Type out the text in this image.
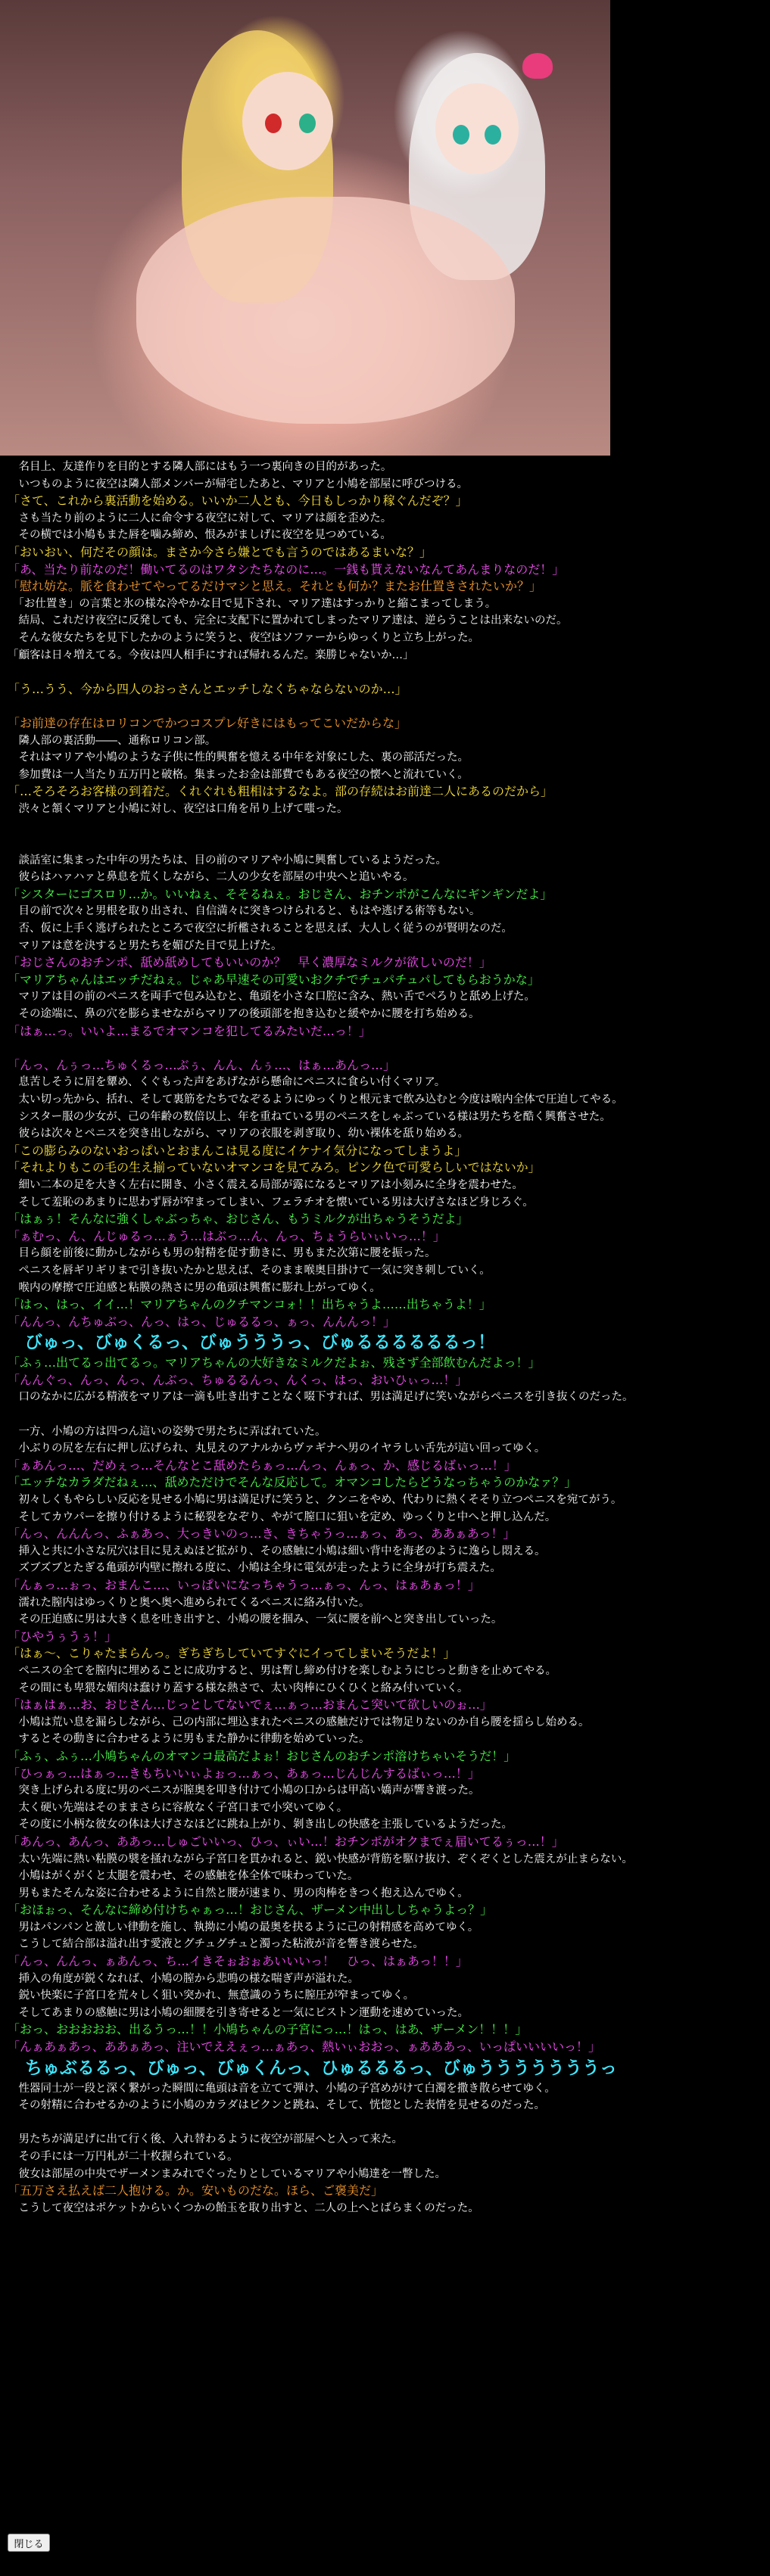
　名目上、友達作りを目的とする隣人部にはもう一つ裏向きの目的があった。
　いつものように夜空は隣人部メンバーが帰宅したあと、マリアと小鳩を部屋に呼びつける。
「さて、これから裏活動を始める。いいか二人とも、今日もしっかり稼ぐんだぞ？」
　さも当たり前のように二人に命令する夜空に対して、マリアは顔を歪めた。
　その横では小鳩もまた唇を噛み締め、恨みがましげに夜空を見つめている。
「おいおい、何だその顔は。まさか今さら嫌とでも言うのではあるまいな？」
「あ、当たり前なのだ！働いてるのはワタシたちなのに…。一銭も貰えないなんてあんまりなのだ！」
「慰れ妨な。脈を食わせてやってるだけマシと思え。それとも何か？またお仕置きされたいか？」
　「お仕置き」の言葉と氷の様な冷やかな目で見下され、マリア達はすっかりと縮こまってしまう。
　結局、これだけ夜空に反発しても、完全に支配下に置かれてしまったマリア達は、逆らうことは出来ないのだ。
　そんな彼女たちを見下したかのように笑うと、夜空はソファーからゆっくりと立ち上がった。
「顧客は日々増えてる。今夜は四人相手にすれば帰れるんだ。楽勝じゃないか…」
「う…うう、今から四人のおっさんとエッチしなくちゃならないのか…」
「お前達の存在はロリコンでかつコスプレ好きにはもってこいだからな」
　隣人部の裏活動――、通称ロリコン部。
　それはマリアや小鳩のような子供に性的興奮を憶える中年を対象にした、裏の部活だった。
　参加費は一人当たり五万円と破格。集まったお金は部費でもある夜空の懐へと流れていく。
「…そろそろお客様の到着だ。くれぐれも粗相はするなよ。部の存続はお前達二人にあるのだから」
　渋々と頷くマリアと小鳩に対し、夜空は口角を吊り上げて嗤った。
　談話室に集まった中年の男たちは、目の前のマリアや小鳩に興奮しているようだった。
　彼らはハァハァと鼻息を荒くしながら、二人の少女を部屋の中央へと追いやる。
「シスターにゴスロリ…か。いいねぇ、そそるねぇ。おじさん、おチンポがこんなにギンギンだよ」
　目の前で次々と男根を取り出され、自信満々に突きつけられると、もはや逃げる術等もない。
　否、仮に上手く逃げられたところで夜空に折檻されることを思えば、大人しく従うのが賢明なのだ。
　マリアは意を決すると男たちを媚びた目で見上げた。
「おじさんのおチンポ、舐め舐めしてもいいのか？　早く濃厚なミルクが欲しいのだ！」
「マリアちゃんはエッチだねぇ。じゃあ早速その可愛いおクチでチュパチュパしてもらおうかな」
　マリアは目の前のペニスを両手で包み込むと、亀頭を小さな口腔に含み、熱い舌でペろりと舐め上げた。
　その途端に、鼻の穴を膨らませながらマリアの後頭部を抱き込むと緩やかに腰を打ち始める。
「はぁ…っ。いいよ…まるでオマンコを犯してるみたいだ…っ！」
「んっ、んぅっ…ちゅくるっ…ぶぅ、んん、んぅ…、はぁ…あんっ…」
　息苦しそうに眉を顰め、くぐもった声をあげながら懸命にペニスに食らい付くマリア。
　太い切っ先から、括れ、そして裏筋をたちでなぞるようにゆっくりと根元まで飲み込むと今度は喉内全体で圧迫してやる。
　シスター服の少女が、己の年齢の数倍以上、年を重ねている男のペニスをしゃぶっている様は男たちを酷く興奮させた。
　彼らは次々とペニスを突き出しながら、マリアの衣服を剥ぎ取り、幼い裸体を舐り始める。
「この膨らみのないおっぱいとおまんこは見る度にイケナイ気分になってしまうよ」
「それよりもこの毛の生え揃っていないオマンコを見てみろ。ピンク色で可愛らしいではないか」
　細い二本の足を大きく左右に開き、小さく震える局部が露になるとマリアは小刻みに全身を震わせた。
　そして羞恥のあまりに思わず唇が窄まってしまい、フェラチオを懐いている男は大げさなほど身じろぐ。
「はぁぅ！そんなに強くしゃぶっちゃ、おじさん、もうミルクが出ちゃうそうだよ」
「ぁむっ、ん、んじゅるっ…ぁう…はぶっ…ん、んっ、ちょうらいぃいっ…！」
　目ら顔を前後に動かしながらも男の射精を促す動きに、男もまた次第に腰を振った。
　ペニスを唇ギリギリまで引き抜いたかと思えば、そのまま喉奥目掛けて一気に突き刺していく。
　喉内の摩擦で圧迫感と粘膜の熱さに男の亀頭は興奮に膨れ上がってゆく。
「はっ、はっ、イイ…！マリアちゃんのクチマンコォ！！出ちゃうよ……出ちゃうよ！」
「んんっ、んちゅぶっ、んっ、はっ、じゅるるっ、ぁっ、んんんっ！」
　びゅっ、びゅくるっ、びゅうううっ、びゅるるるるるるっ！
「ふぅ…出てるっ出てるっ。マリアちゃんの大好きなミルクだよぉ、残さず全部飲むんだよっ！」
「んんぐっ、んっ、んっ、んぶっ、ちゅるるんっ、んくっ、はっ、おいひぃっ…！」
　口のなかに広がる精液をマリアは一滴も吐き出すことなく啜下すれば、男は満足げに笑いながらペニスを引き抜くのだった。
　一方、小鳩の方は四つん這いの姿勢で男たちに弄ばれていた。
　小ぶりの尻を左右に押し広げられ、丸見えのアナルからヴァギナへ男のイヤラしい舌先が這い回ってゆく。
「ぁあんっ…、だめぇっ…そんなとこ舐めたらぁっ…んっ、んぁっ、か、感じるばぃっ…！」
「エッチなカラダだねぇ…、舐めただけでそんな反応して。オマンコしたらどうなっちゃうのかなァ？」
　初々しくもやらしい反応を見せる小鳩に男は満足げに笑うと、クンニをやめ、代わりに熱くそそり立つペニスを宛てがう。
　そしてカウパーを擦り付けるように秘裂をなぞり、やがて膣口に狙いを定め、ゆっくりと中へと押し込んだ。
「んっ、んんんっ、ふぁあっ、大っきいのっ…き、きちゃうっ…ぁっ、あっ、ああぁあっ！」
　挿入と共に小さな尻穴は目に見えぬほど拡がり、その感触に小鳩は細い背中を海老のように逸らし悶える。
　ズブズブとたぎる亀頭が内壁に擦れる度に、小鳩は全身に電気が走ったように全身が打ち震えた。
「んぁっ…ぉっ、おまんこ…、いっぱいになっちゃうっ…ぁっ、んっ、はぁあぁっ！」
　濡れた膣内はゆっくりと奥へ奥へ進められてくるペニスに絡み付いた。
　その圧迫感に男は大きく息を吐き出すと、小鳩の腰を掴み、一気に腰を前へと突き出していった。
「ひやうぅうぅ！」
「はぁ～、こりゃたまらんっ。ぎちぎちしていてすぐにイってしまいそうだよ！」
　ペニスの全てを膣内に埋めることに成功すると、男は暫し締め付けを楽しむようにじっと動きを止めてやる。
　その間にも卑猥な媚肉は蠢けり蓋する様な熱さで、太い肉棒にひくひくと絡み付いていく。
「はぁはぁ…お、おじさん…じっとしてないでぇ…ぁっ…おまんこ突いて欲しいのぉ…」
　小鳩は荒い息を漏らしながら、己の内部に埋込まれたペニスの感触だけでは物足りないのか自ら腰を揺らし始める。
　するとその動きに合わせるように男もまた静かに律動を始めていった。
「ふぅ、ふぅ…小鳩ちゃんのオマンコ最高だよぉ！おじさんのおチンポ溶けちゃいそうだ！」
「ひっぁっ…はぁっ…きもちいいぃよぉっ…ぁっ、あぁっ…じんじんするばぃっ…！」
　突き上げられる度に男のペニスが膣奥を叩き付けて小鳩の口からは甲高い嬌声が響き渡った。
　太く硬い先端はそのままさらに容赦なく子宮口まで小突いてゆく。
　その度に小柄な彼女の体は大げさなほどに跳ね上がり、剝き出しの快感を主張しているようだった。
「あんっ、あんっ、ああっ…しゅごいいっ、ひっ、ぃい…！おチンポがオクまでぇ届いてるぅっ…！」
　太い先端に熱い粘膜の襞を掻れながら子宮口を貫かれると、鋭い快感が背筋を駆け抜け、ぞくぞくとした震えが止まらない。
　小鳩はがくがくと太腿を震わせ、その感触を体全体で味わっていた。
　男もまたそんな姿に合わせるように自然と腰が速まり、男の肉棒をきつく抱え込んでゆく。
「おほぉっ、そんなに締め付けちゃぁっ…！おじさん、ザーメン中出ししちゃうよっ？」
　男はパンパンと激しい律動を施し、執拗に小鳩の最奥を抉るように己の射精感を高めてゆく。
　こうして結合部は溢れ出す愛液とグチュグチュと濁った粘液が音を響き渡らせた。
「んっ、んんっ、ぁあんっ、ち…イきそぉおぉあいいいっ！　ひっ、はぁあっ！！」
　挿入の角度が鋭くなれば、小鳩の膣から悲鳴の様な喘ぎ声が溢れた。
　鋭い快楽に子宮口を荒々しく狙い突かれ、無意識のうちに膣圧が窄まってゆく。
　そしてあまりの感触に男は小鳩の細腰を引き寄せると一気にピストン運動を速めていった。
「おっ、おおおおお、出るうっ…！！小鳩ちゃんの子宮にっ…！はっ、はあ、ザーメン！！！」
「んぁあぁあっ、ああぁあっ、注いでええぇっ…ぁあっ、熱いぃおおっ、ぁあああっ、いっぱいいいいっ！」
　ちゅぶるるっ、びゅっ、びゅくんっ、ひゅるるるっ、びゅうううううううっ
　性器同士が一段と深く繋がった瞬間に亀頭は音を立てて弾け、小鳩の子宮めがけて白濁を撒き散らせてゆく。
　その射精に合わせるかのように小鳩のカラダはビクンと跳ね、そして、恍惚とした表情を見せるのだった。
　男たちが満足げに出て行く後、入れ替わるように夜空が部屋へと入って来た。
　その手には一万円札が二十枚握られている。
　彼女は部屋の中央でザーメンまみれでぐったりとしているマリアや小鳩達を一瞥した。
「五万さえ払えば二人抱ける。か。安いものだな。ほら、ご褒美だ」
　こうして夜空はポケットからいくつかの飴玉を取り出すと、二人の上へとばらまくのだった。
閉じる
